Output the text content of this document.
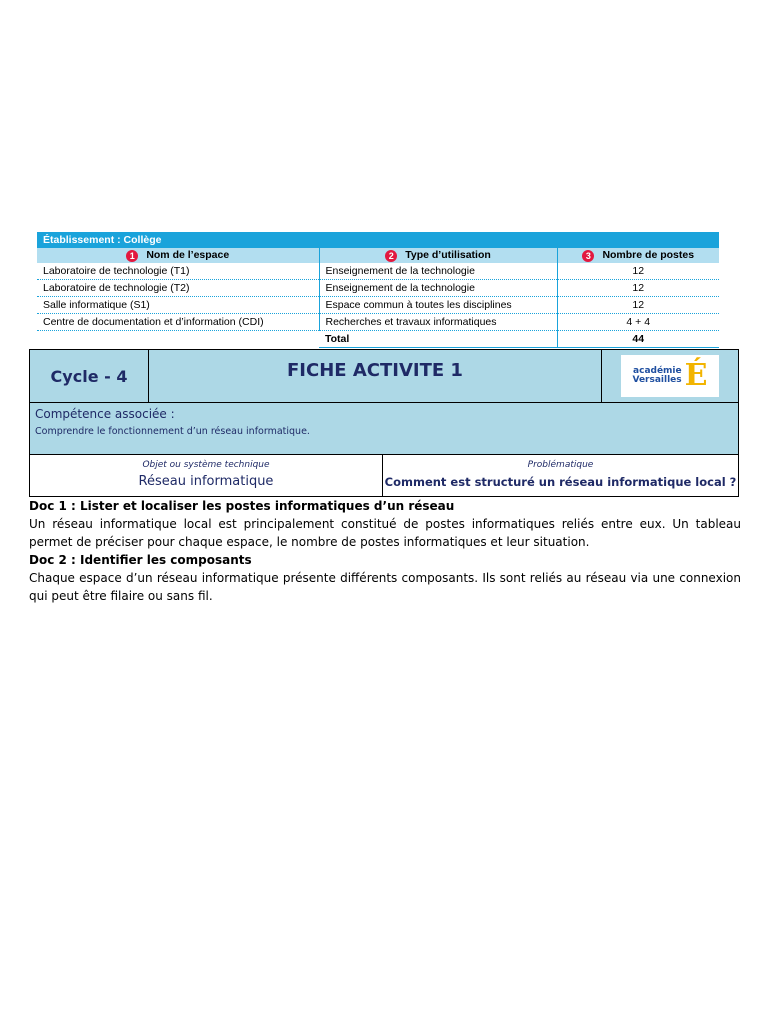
Établissement : Collège		
1 Nom de l’espace	2 Type d’utilisation	3 Nombre de postes
Laboratoire de technologie (T1)	Enseignement de la technologie	12
Laboratoire de technologie (T2)	Enseignement de la technologie	12
Salle informatique (S1)	Espace commun à toutes les disciplines	12
Centre de documentation et d’information (CDI)	Recherches et travaux informatiques	4 + 4
	Total	44
Cycle - 4	FICHE ACTIVITE 1	académie
Versailles É
Compétence associée :
Comprendre le fonctionnement d’un réseau informatique.
Objet ou système technique
Réseau informatique
Problématique
Comment est structuré un réseau informatique local ?
Doc 1 : Lister et localiser les postes informatiques d’un réseau
Un réseau informatique local est principalement constitué de postes informatiques reliés entre eux. Un tableau permet de préciser pour chaque espace, le nombre de postes informatiques et leur situation.
Doc 2 : Identifier les composants
Chaque espace d’un réseau informatique présente différents composants. Ils sont reliés au réseau via une connexion qui peut être filaire ou sans fil.
